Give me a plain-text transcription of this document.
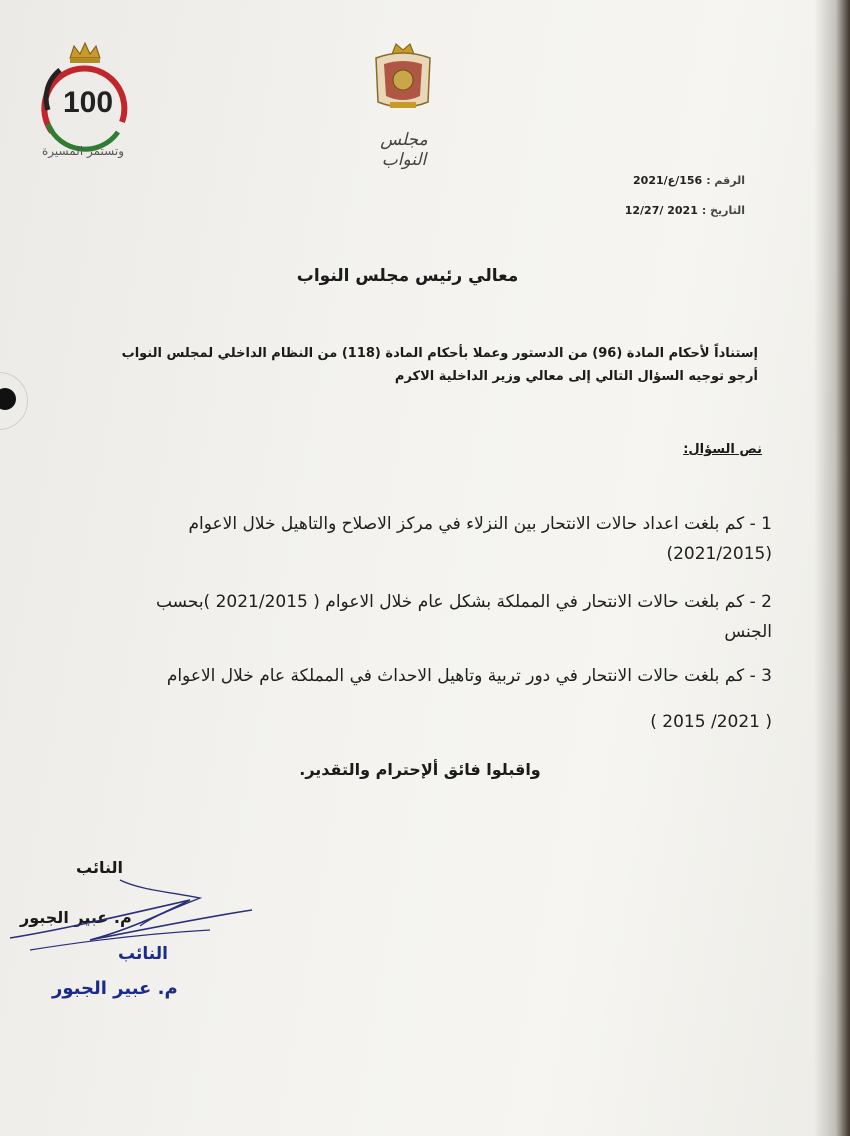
100
وتستمر المسيرة
مجلس النواب
الرقم :156/ع/2021
التاريخ :2021 /12/27
معالي رئيس مجلس النواب
إستناداً لأحكام المادة (96) من الدستور وعملا بأحكام المادة (118) من النظام الداخلي لمجلس النواب
أرجو توجيه السؤال التالي إلى معالي وزير الداخلية الاكرم
نص السؤال:
1 - كم بلغت اعداد حالات الانتحار بين النزلاء في مركز الاصلاح والتاهيل خلال الاعوام
(2021/2015)
2 - كم بلغت حالات الانتحار في المملكة بشكل عام خلال الاعوام ( 2021/2015 )بحسب
الجنس
3 - كم بلغت حالات الانتحار في دور تربية وتاهيل الاحداث في المملكة عام خلال الاعوام
( 2021/ 2015 )
واقبلوا فائق ألإحترام والتقدير.
النائب
م. عبير الجبور
النائب
م. عبير الجبور
